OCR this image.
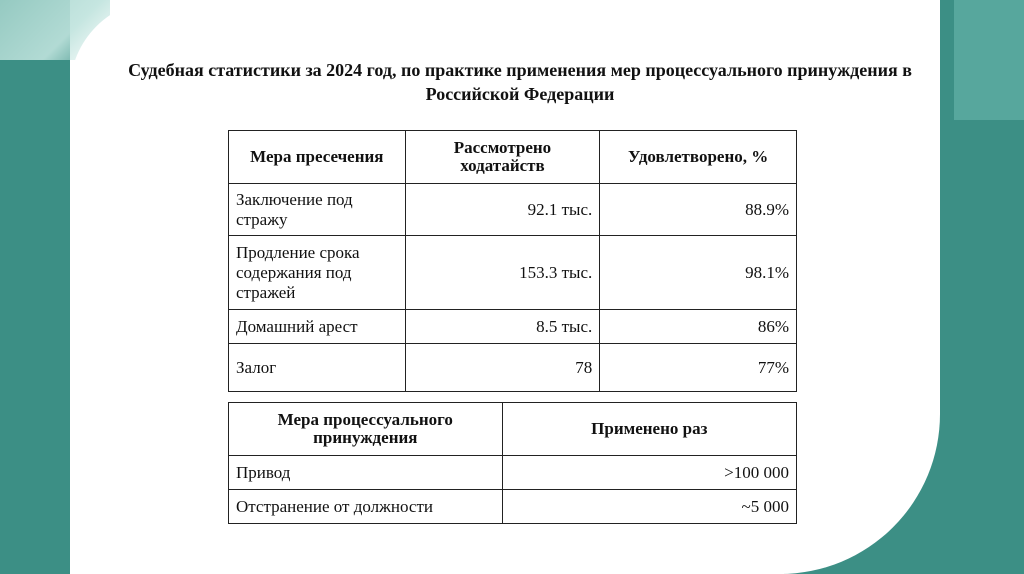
Судебная статистики за 2024 год, по практике применения мер процессуального принуждения в Российской Федерации
Мера пресечения	Рассмотрено ходатайств	Удовлетворено, %
Заключение под стражу	92.1 тыс.	88.9%
Продление срока содержания под стражей	153.3 тыс.	98.1%
Домашний арест	8.5 тыс.	86%
Залог	78	77%
Мера процессуального принуждения	Применено раз
Привод	>100 000
Отстранение от должности	~5 000
